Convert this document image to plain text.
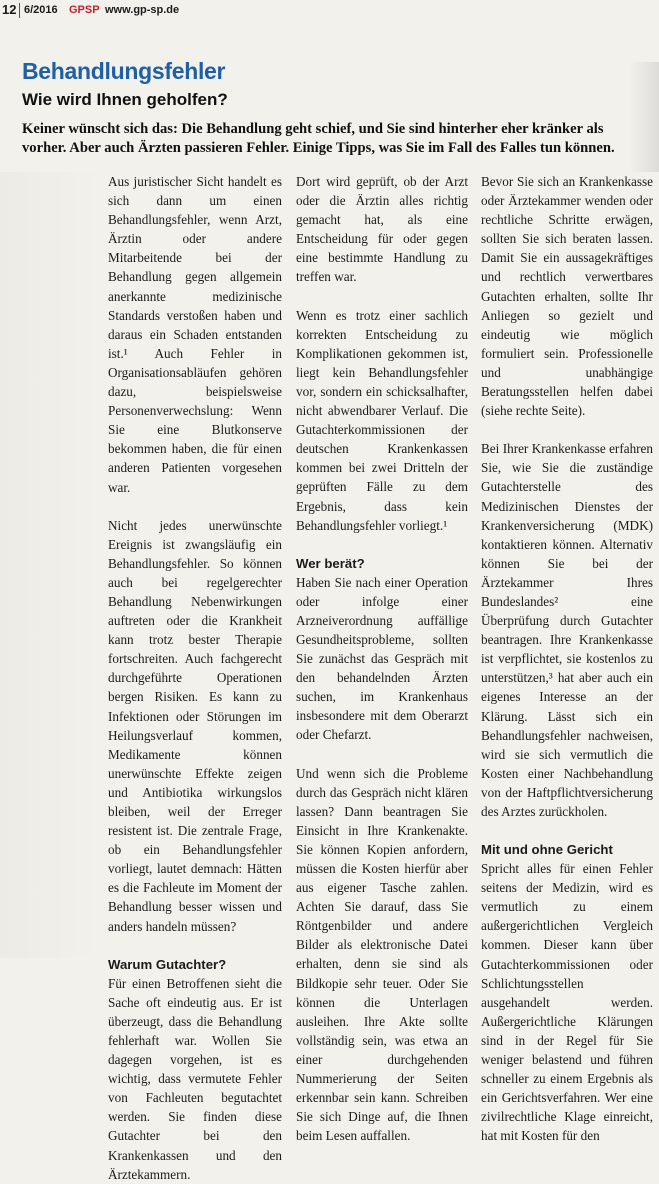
12 6/2016 GPSP www.gp-sp.de
Behandlungsfehler
Wie wird Ihnen geholfen?
Keiner wünscht sich das: Die Behandlung geht schief, und Sie sind hinterher eher kränker als vorher. Aber auch Ärzten passieren Fehler. Einige Tipps, was Sie im Fall des Falles tun können.

Aus juristischer Sicht handelt es sich dann um einen Behandlungsfehler, wenn Arzt, Ärztin oder andere Mitarbeitende bei der Behandlung gegen allgemein anerkannte medizinische Standards verstoßen haben und daraus ein Schaden entstanden ist.¹ Auch Fehler in Organisationsabläufen gehören dazu, beispielsweise Personenverwechslung: Wenn Sie eine Blutkonserve bekommen haben, die für einen anderen Patienten vorgesehen war.

Nicht jedes unerwünschte Ereignis ist zwangsläufig ein Behandlungsfehler. So können auch bei regelgerechter Behandlung Nebenwirkungen auftreten oder die Krankheit kann trotz bester Therapie fortschreiten. Auch fachgerecht durchgeführte Operationen bergen Risiken. Es kann zu Infektionen oder Störungen im Heilungsverlauf kommen, Medikamente können unerwünschte Effekte zeigen und Antibiotika wirkungslos bleiben, weil der Erreger resistent ist. Die zentrale Frage, ob ein Behandlungsfehler vorliegt, lautet demnach: Hätten es die Fachleute im Moment der Behandlung besser wissen und anders handeln müssen?

Warum Gutachter?

Für einen Betroffenen sieht die Sache oft eindeutig aus. Er ist überzeugt, dass die Behandlung fehlerhaft war. Wollen Sie dagegen vorgehen, ist es wichtig, dass vermutete Fehler von Fachleuten begutachtet werden. Sie finden diese Gutachter bei den Krankenkassen und den Ärztekammern.

Dort wird geprüft, ob der Arzt oder die Ärztin alles richtig gemacht hat, als eine Entscheidung für oder gegen eine bestimmte Handlung zu treffen war.

Wenn es trotz einer sachlich korrekten Entscheidung zu Komplikationen gekommen ist, liegt kein Behandlungsfehler vor, sondern ein schicksalhafter, nicht abwendbarer Verlauf. Die Gutachterkommissionen der deutschen Krankenkassen kommen bei zwei Dritteln der geprüften Fälle zu dem Ergebnis, dass kein Behandlungsfehler vorliegt.¹

Wer berät?

Haben Sie nach einer Operation oder infolge einer Arzneiverordnung auffällige Gesundheitsprobleme, sollten Sie zunächst das Gespräch mit den behandelnden Ärzten suchen, im Krankenhaus insbesondere mit dem Oberarzt oder Chefarzt.

Und wenn sich die Probleme durch das Gespräch nicht klären lassen? Dann beantragen Sie Einsicht in Ihre Krankenakte. Sie können Kopien anfordern, müssen die Kosten hierfür aber aus eigener Tasche zahlen. Achten Sie darauf, dass Sie Röntgenbilder und andere Bilder als elektronische Datei erhalten, denn sie sind als Bildkopie sehr teuer. Oder Sie können die Unterlagen ausleihen. Ihre Akte sollte vollständig sein, was etwa an einer durchgehenden Nummerierung der Seiten erkennbar sein kann. Schreiben Sie sich Dinge auf, die Ihnen beim Lesen auffallen.

Bevor Sie sich an Krankenkasse oder Ärztekammer wenden oder rechtliche Schritte erwägen, sollten Sie sich beraten lassen. Damit Sie ein aussagekräftiges und rechtlich verwertbares Gutachten erhalten, sollte Ihr Anliegen so gezielt und eindeutig wie möglich formuliert sein. Professionelle und unabhängige Beratungsstellen helfen dabei (siehe rechte Seite).

Bei Ihrer Krankenkasse erfahren Sie, wie Sie die zuständige Gutachterstelle des Medizinischen Dienstes der Krankenversicherung (MDK) kontaktieren können. Alternativ können Sie bei der Ärztekammer Ihres Bundeslandes² eine Überprüfung durch Gutachter beantragen. Ihre Krankenkasse ist verpflichtet, sie kostenlos zu unterstützen,³ hat aber auch ein eigenes Interesse an der Klärung. Lässt sich ein Behandlungsfehler nachweisen, wird sie sich vermutlich die Kosten einer Nachbehandlung von der Haftpflichtversicherung des Arztes zurückholen.

Mit und ohne Gericht

Spricht alles für einen Fehler seitens der Medizin, wird es vermutlich zu einem außergerichtlichen Vergleich kommen. Dieser kann über Gutachterkommissionen oder Schlichtungsstellen ausgehandelt werden. Außergerichtliche Klärungen sind in der Regel für Sie weniger belastend und führen schneller zu einem Ergebnis als ein Gerichtsverfahren. Wer eine zivilrechtliche Klage einreicht, hat mit Kosten für den
